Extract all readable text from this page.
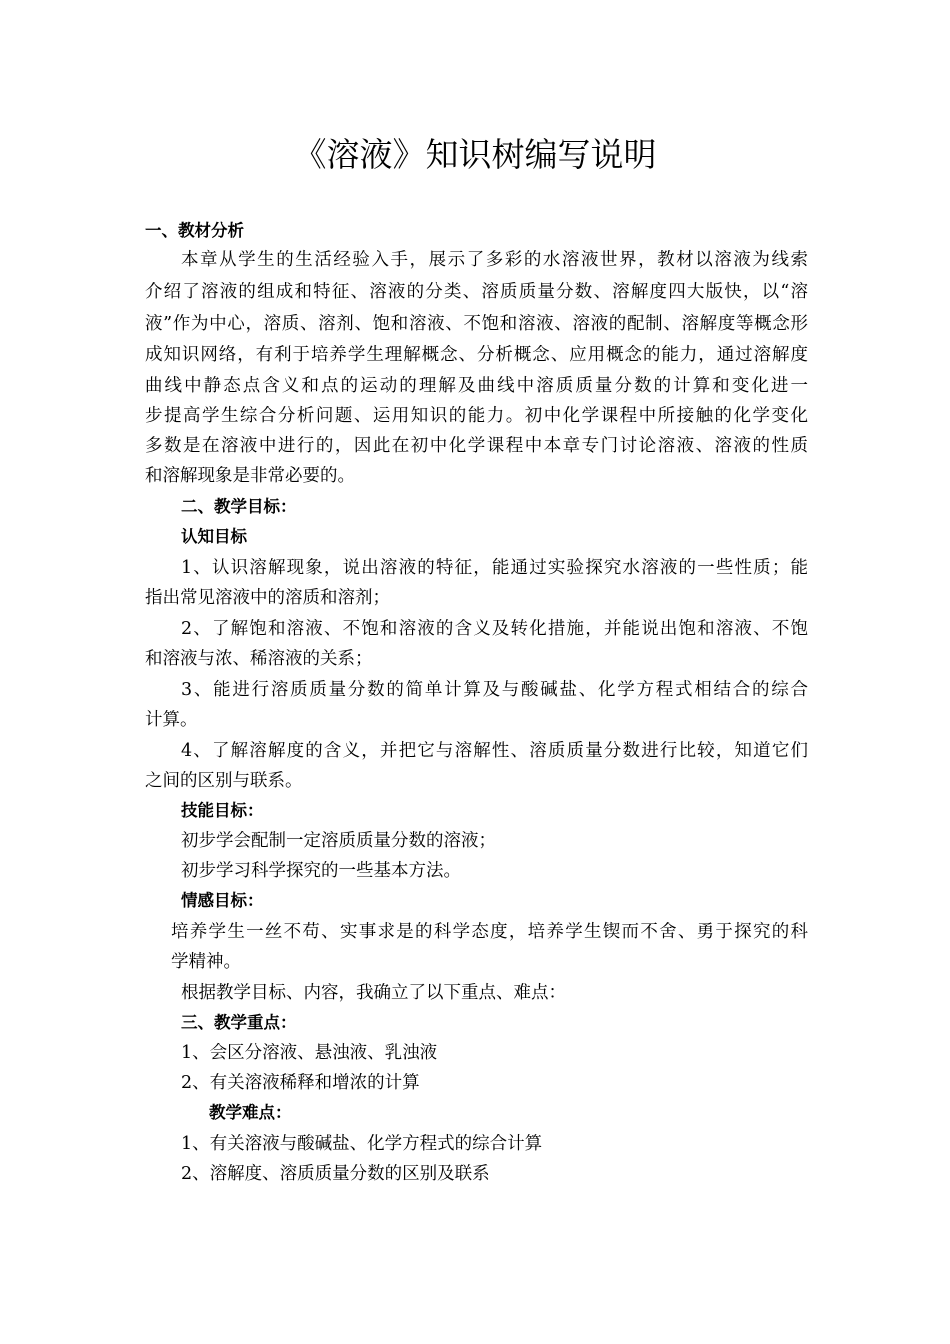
《溶液》知识树编写说明
一、教材分析
本章从学生的生活经验入手，展示了多彩的水溶液世界，教材以溶液为线索
介绍了溶液的组成和特征、溶液的分类、溶质质量分数、溶解度四大版快，以“溶
液”作为中心，溶质、溶剂、饱和溶液、不饱和溶液、溶液的配制、溶解度等概念形
成知识网络，有利于培养学生理解概念、分析概念、应用概念的能力，通过溶解度
曲线中静态点含义和点的运动的理解及曲线中溶质质量分数的计算和变化进一
步提高学生综合分析问题、运用知识的能力。初中化学课程中所接触的化学变化
多数是在溶液中进行的，因此在初中化学课程中本章专门讨论溶液、溶液的性质
和溶解现象是非常必要的。
二、教学目标：
认知目标
1、认识溶解现象，说出溶液的特征，能通过实验探究水溶液的一些性质；能
指出常见溶液中的溶质和溶剂；
2、了解饱和溶液、不饱和溶液的含义及转化措施，并能说出饱和溶液、不饱
和溶液与浓、稀溶液的关系；
3、能进行溶质质量分数的简单计算及与酸碱盐、化学方程式相结合的综合
计算。
4、了解溶解度的含义，并把它与溶解性、溶质质量分数进行比较，知道它们
之间的区别与联系。
技能目标：
初步学会配制一定溶质质量分数的溶液；
初步学习科学探究的一些基本方法。
情感目标：
培养学生一丝不苟、实事求是的科学态度，培养学生锲而不舍、勇于探究的科
学精神。
根据教学目标、内容，我确立了以下重点、难点：
三、教学重点：
1、会区分溶液、悬浊液、乳浊液
2、有关溶液稀释和增浓的计算
教学难点：
1、有关溶液与酸碱盐、化学方程式的综合计算
2、溶解度、溶质质量分数的区别及联系
